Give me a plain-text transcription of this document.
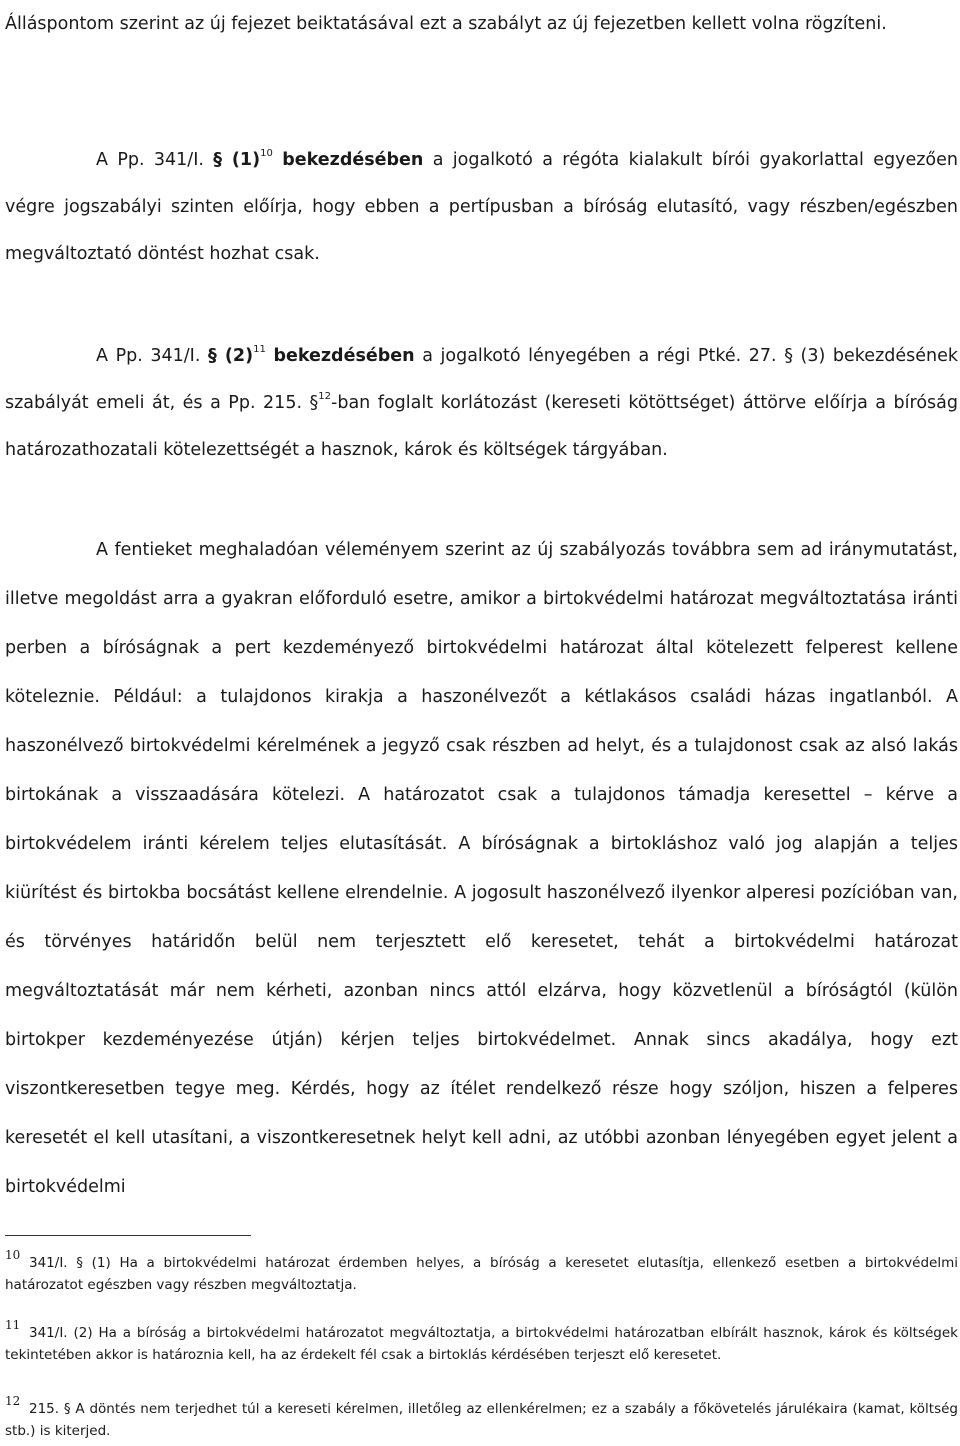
Álláspontom szerint az új fejezet beiktatásával ezt a szabályt az új fejezetben kellett volna rögzíteni.

A Pp. 341/I. § $(1)^{10}$ bekezdésében a jogalkotó a régóta kialakult bírói gyakorlattal egyezően végre jogszabályi szinten előírja, hogy ebben a pertípusban a bíróság elutasító, vagy részben/egészben megváltoztató döntést hozhat csak.

A Pp. 341/I. § $(2)^{11}$ bekezdésében a jogalkotó lényegében a régi Ptké. 27. § (3) bekezdésének szabályát emeli át, és a Pp. 215. §$^{12}$-ban foglalt korlátozást (kereseti kötöttséget) áttörve előírja a bíróság határozathozatali kötelezettségét a hasznok, károk és költségek tárgyában.

A fentieket meghaladóan véleményem szerint az új szabályozás továbbra sem ad iránymutatást, illetve megoldást arra a gyakran előforduló esetre, amikor a birtokvédelmi határozat megváltoztatása iránti perben a bíróságnak a pert kezdeményező birtokvédelmi határozat által kötelezett felperest kellene köteleznie. Például: a tulajdonos kirakja a haszonélvezőt a kétlakásos családi házas ingatlanból. A haszonélvező birtokvédelmi kérelmének a jegyző csak részben ad helyt, és a tulajdonost csak az alsó lakás birtokának a visszaadására kötelezi. A határozatot csak a tulajdonos támadja keresettel – kérve a birtokvédelem iránti kérelem teljes elutasítását. A bíróságnak a birtokláshoz való jog alapján a teljes kiürítést és birtokba bocsátást kellene elrendelnie. A jogosult haszonélvező ilyenkor alperesi pozícióban van, és törvényes határidőn belül nem terjesztett elő keresetet, tehát a birtokvédelmi határozat megváltoztatását már nem kérheti, azonban nincs attól elzárva, hogy közvetlenül a bíróságtól (külön birtokper kezdeményezése útján) kérjen teljes birtokvédelmet. Annak sincs akadálya, hogy ezt viszontkeresetben tegye meg. Kérdés, hogy az ítélet rendelkező része hogy szóljon, hiszen a felperes keresetét el kell utasítani, a viszontkeresetnek helyt kell adni, az utóbbi azonban lényegében egyet jelent a birtokvédelmi

10 341/I. § (1) Ha a birtokvédelmi határozat érdemben helyes, a bíróság a keresetet elutasítja, ellenkező esetben a birtokvédelmi határozatot egészben vagy részben megváltoztatja.

11 341/I. (2) Ha a bíróság a birtokvédelmi határozatot megváltoztatja, a birtokvédelmi határozatban elbírált hasznok, károk és költségek tekintetében akkor is határoznia kell, ha az érdekelt fél csak a birtoklás kérdésében terjeszt elő keresetet.

12 215. § A döntés nem terjedhet túl a kereseti kérelmen, illetőleg az ellenkérelmen; ez a szabály a főkövetelés járulékaira (kamat, költség stb.) is kiterjed.
